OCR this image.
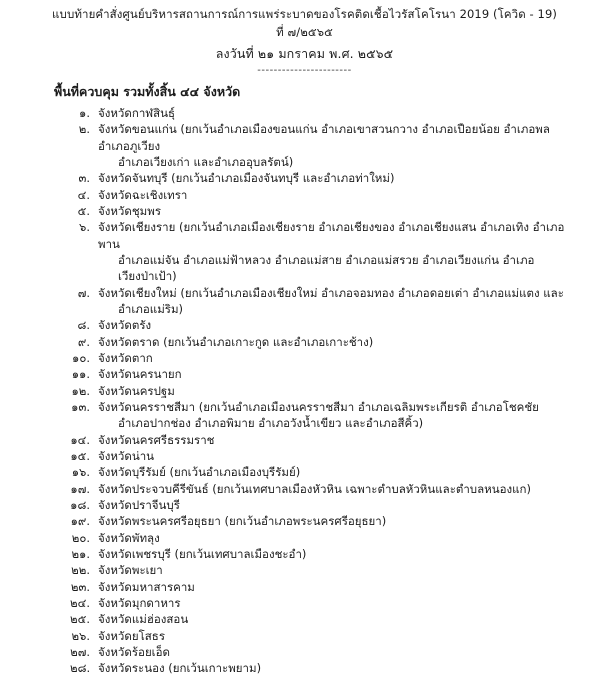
แบบท้ายคำสั่งศูนย์บริหารสถานการณ์การแพร่ระบาดของโรคติดเชื้อไวรัสโคโรนา 2019 (โควิด - 19)
ที่ ๗/๒๕๖๕
ลงวันที่ ๒๑ มกราคม พ.ศ. ๒๕๖๕
-----------------------
พื้นที่ควบคุม รวมทั้งสิ้น ๔๔ จังหวัด
๑. จังหวัดกาฬสินธุ์
๒. จังหวัดขอนแก่น (ยกเว้นอำเภอเมืองขอนแก่น อำเภอเขาสวนกวาง อำเภอเปือยน้อย อำเภอพล อำเภอภูเวียง
อำเภอเวียงเก่า และอำเภออุบลรัตน์)
๓. จังหวัดจันทบุรี (ยกเว้นอำเภอเมืองจันทบุรี และอำเภอท่าใหม่)
๔. จังหวัดฉะเชิงเทรา
๕. จังหวัดชุมพร
๖. จังหวัดเชียงราย (ยกเว้นอำเภอเมืองเชียงราย อำเภอเชียงของ อำเภอเชียงแสน อำเภอเทิง อำเภอพาน
อำเภอแม่จัน อำเภอแม่ฟ้าหลวง อำเภอแม่สาย อำเภอแม่สรวย อำเภอเวียงแก่น อำเภอเวียงป่าเป้า)
๗. จังหวัดเชียงใหม่ (ยกเว้นอำเภอเมืองเชียงใหม่ อำเภอจอมทอง อำเภอดอยเต่า อำเภอแม่แตง และ
อำเภอแม่ริม)
๘. จังหวัดตรัง
๙. จังหวัดตราด (ยกเว้นอำเภอเกาะกูด และอำเภอเกาะช้าง)
๑๐. จังหวัดตาก
๑๑. จังหวัดนครนายก
๑๒. จังหวัดนครปฐม
๑๓. จังหวัดนครราชสีมา (ยกเว้นอำเภอเมืองนครราชสีมา อำเภอเฉลิมพระเกียรติ อำเภอโชคชัย
อำเภอปากช่อง อำเภอพิมาย อำเภอวังน้ำเขียว และอำเภอสีคิ้ว)
๑๔. จังหวัดนครศรีธรรมราช
๑๕. จังหวัดน่าน
๑๖. จังหวัดบุรีรัมย์ (ยกเว้นอำเภอเมืองบุรีรัมย์)
๑๗. จังหวัดประจวบคีรีขันธ์ (ยกเว้นเทศบาลเมืองหัวหิน เฉพาะตำบลหัวหินและตำบลหนองแก)
๑๘. จังหวัดปราจีนบุรี
๑๙. จังหวัดพระนครศรีอยุธยา (ยกเว้นอำเภอพระนครศรีอยุธยา)
๒๐. จังหวัดพัทลุง
๒๑. จังหวัดเพชรบุรี (ยกเว้นเทศบาลเมืองชะอำ)
๒๒. จังหวัดพะเยา
๒๓. จังหวัดมหาสารคาม
๒๔. จังหวัดมุกดาหาร
๒๕. จังหวัดแม่ฮ่องสอน
๒๖. จังหวัดยโสธร
๒๗. จังหวัดร้อยเอ็ด
๒๘. จังหวัดระนอง (ยกเว้นเกาะพยาม)
